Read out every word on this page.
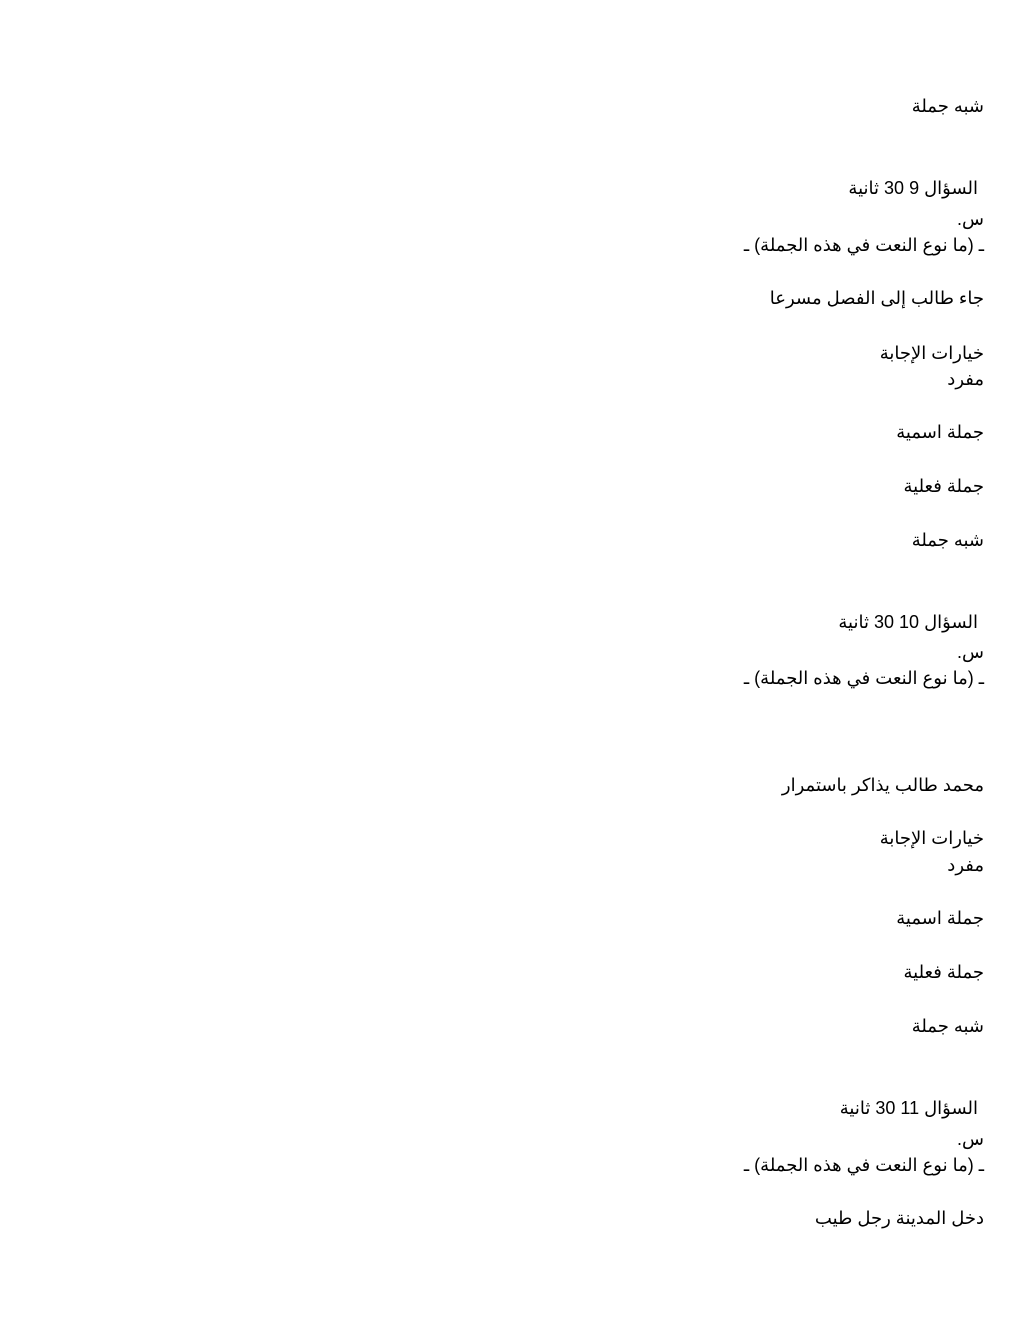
شبه جملة
السؤال 9 30 ثانية
س.
ـ (ما نوع النعت في هذه الجملة) ـ
جاء طالب إلى الفصل مسرعا
خيارات الإجابة
مفرد
جملة اسمية
جملة فعلية
شبه جملة
السؤال 10 30 ثانية
س.
ـ (ما نوع النعت في هذه الجملة) ـ
محمد طالب يذاكر باستمرار
خيارات الإجابة
مفرد
جملة اسمية
جملة فعلية
شبه جملة
السؤال 11 30 ثانية
س.
ـ (ما نوع النعت في هذه الجملة) ـ
دخل المدينة رجل طيب
